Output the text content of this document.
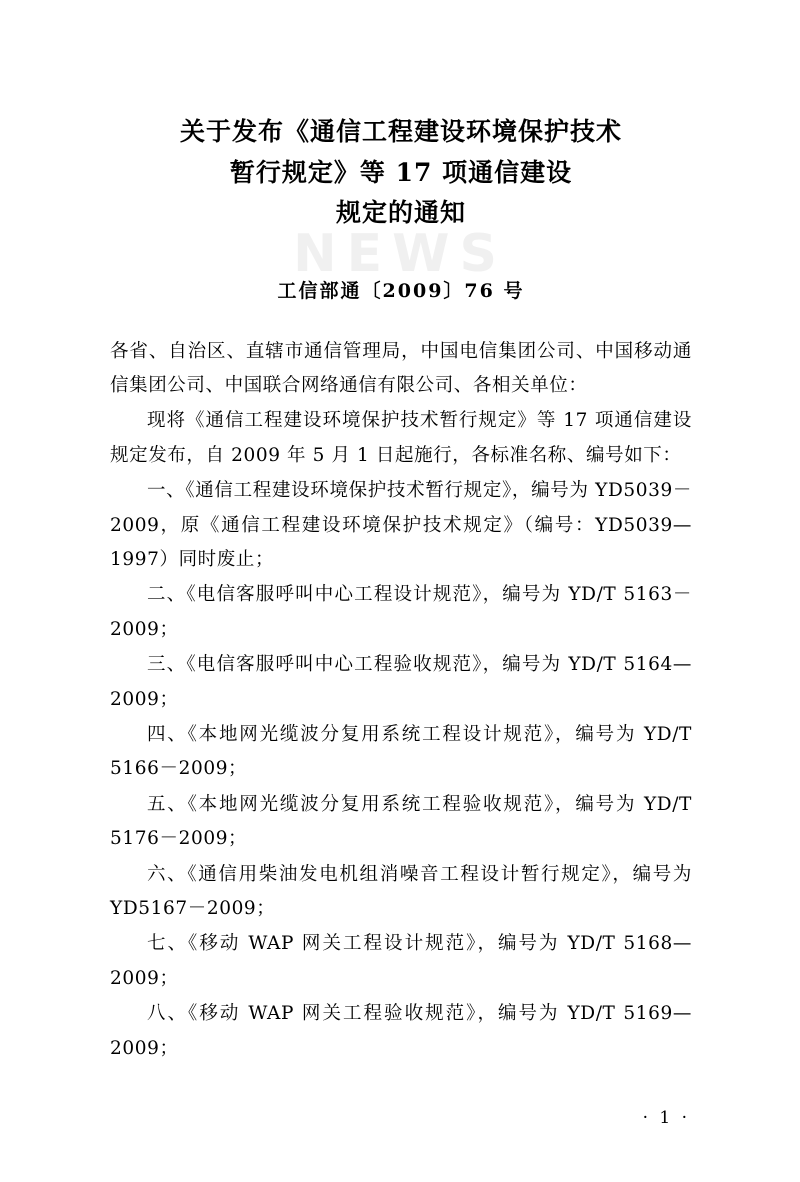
NEWS
关于发布《通信工程建设环境保护技术
暂行规定》等 17 项通信建设
规定的通知
工信部通〔2009〕76 号

各省、自治区、直辖市通信管理局，中国电信集团公司、中国移动通信集团公司、中国联合网络通信有限公司、各相关单位：

现将《通信工程建设环境保护技术暂行规定》等 17 项通信建设规定发布，自 2009 年 5 月 1 日起施行，各标准名称、编号如下：

一、《通信工程建设环境保护技术暂行规定》，编号为 YD5039－2009，原《通信工程建设环境保护技术规定》（编号：YD5039—1997）同时废止；

二、《电信客服呼叫中心工程设计规范》，编号为 YD/T 5163－2009；

三、《电信客服呼叫中心工程验收规范》，编号为 YD/T 5164—2009；

四、《本地网光缆波分复用系统工程设计规范》，编号为 YD/T 5166－2009；

五、《本地网光缆波分复用系统工程验收规范》，编号为 YD/T 5176－2009；

六、《通信用柴油发电机组消噪音工程设计暂行规定》，编号为 YD5167－2009；

七、《移动 WAP 网关工程设计规范》，编号为 YD/T 5168—2009；

八、《移动 WAP 网关工程验收规范》，编号为 YD/T 5169—2009；

· 1 ·
